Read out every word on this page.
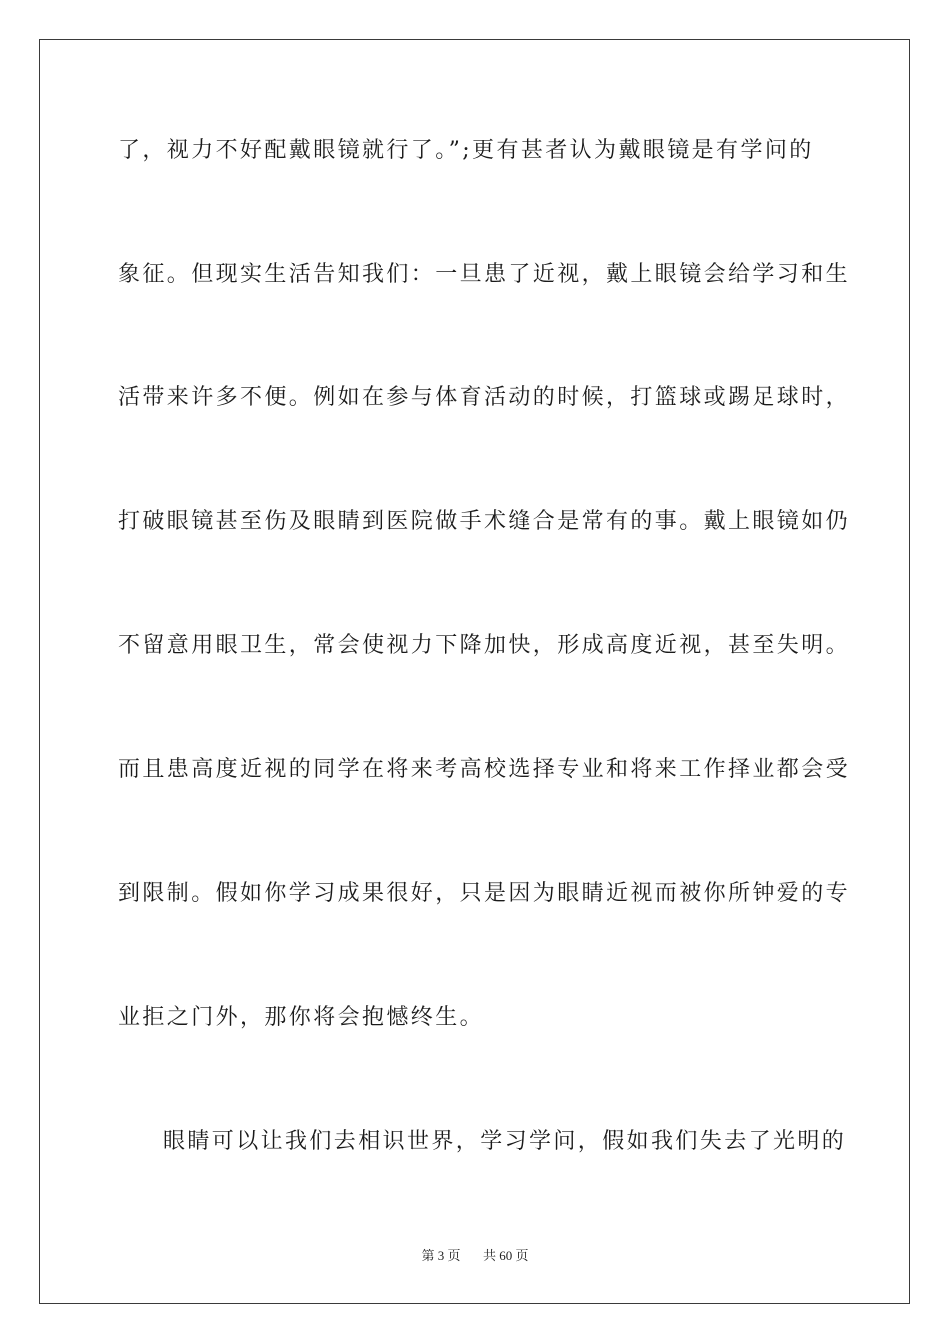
了，视力不好配戴眼镜就行了。”;更有甚者认为戴眼镜是有学问的
象征。但现实生活告知我们：一旦患了近视，戴上眼镜会给学习和生
活带来许多不便。例如在参与体育活动的时候，打篮球或踢足球时，
打破眼镜甚至伤及眼睛到医院做手术缝合是常有的事。戴上眼镜如仍
不留意用眼卫生，常会使视力下降加快，形成高度近视，甚至失明。
而且患高度近视的同学在将来考高校选择专业和将来工作择业都会受
到限制。假如你学习成果很好，只是因为眼睛近视而被你所钟爱的专
业拒之门外，那你将会抱憾终生。
眼睛可以让我们去相识世界，学习学问，假如我们失去了光明的
第 3 页 共 60 页
